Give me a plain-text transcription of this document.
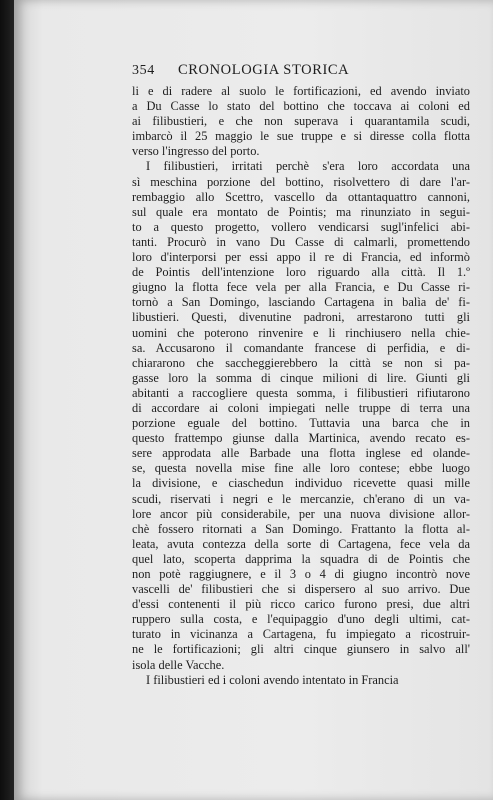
354	CRONOLOGIA STORICA
li e di radere al suolo le fortificazioni, ed avendo inviato
a Du Casse lo stato del bottino che toccava ai coloni ed
ai filibustieri, e che non superava i quarantamila scudi,
imbarcò il 25 maggio le sue truppe e si diresse colla flotta
verso l'ingresso del porto.
I filibustieri, irritati perchè s'era loro accordata una
sì meschina porzione del bottino, risolvettero di dare l'ar-
rembaggio allo Scettro, vascello da ottantaquattro cannoni,
sul quale era montato de Pointis; ma rinunziato in segui-
to a questo progetto, vollero vendicarsi sugl'infelici abi-
tanti. Procurò in vano Du Casse di calmarli, promettendo
loro d'interporsi per essi appo il re di Francia, ed informò
de Pointis dell'intenzione loro riguardo alla città. Il 1.º
giugno la flotta fece vela per alla Francia, e Du Casse ri-
tornò a San Domingo, lasciando Cartagena in balìa de' fi-
libustieri. Questi, divenutine padroni, arrestarono tutti gli
uomini che poterono rinvenire e li rinchiusero nella chie-
sa. Accusarono il comandante francese di perfidia, e di-
chiararono che saccheggierebbero la città se non si pa-
gasse loro la somma di cinque milioni di lire. Giunti gli
abitanti a raccogliere questa somma, i filibustieri rifiutarono
di accordare ai coloni impiegati nelle truppe di terra una
porzione eguale del bottino. Tuttavia una barca che in
questo frattempo giunse dalla Martinica, avendo recato es-
sere approdata alle Barbade una flotta inglese ed olande-
se, questa novella mise fine alle loro contese; ebbe luogo
la divisione, e ciaschedun individuo ricevette quasi mille
scudi, riservati i negri e le mercanzie, ch'erano di un va-
lore ancor più considerabile, per una nuova divisione allor-
chè fossero ritornati a San Domingo. Frattanto la flotta al-
leata, avuta contezza della sorte di Cartagena, fece vela da
quel lato, scoperta dapprima la squadra di de Pointis che
non potè raggiugnere, e il 3 o 4 di giugno incontrò nove
vascelli de' filibustieri che si dispersero al suo arrivo. Due
d'essi contenenti il più ricco carico furono presi, due altri
ruppero sulla costa, e l'equipaggio d'uno degli ultimi, cat-
turato in vicinanza a Cartagena, fu impiegato a ricostruir-
ne le fortificazioni; gli altri cinque giunsero in salvo all'
isola delle Vacche.
I filibustieri ed i coloni avendo intentato in Francia
